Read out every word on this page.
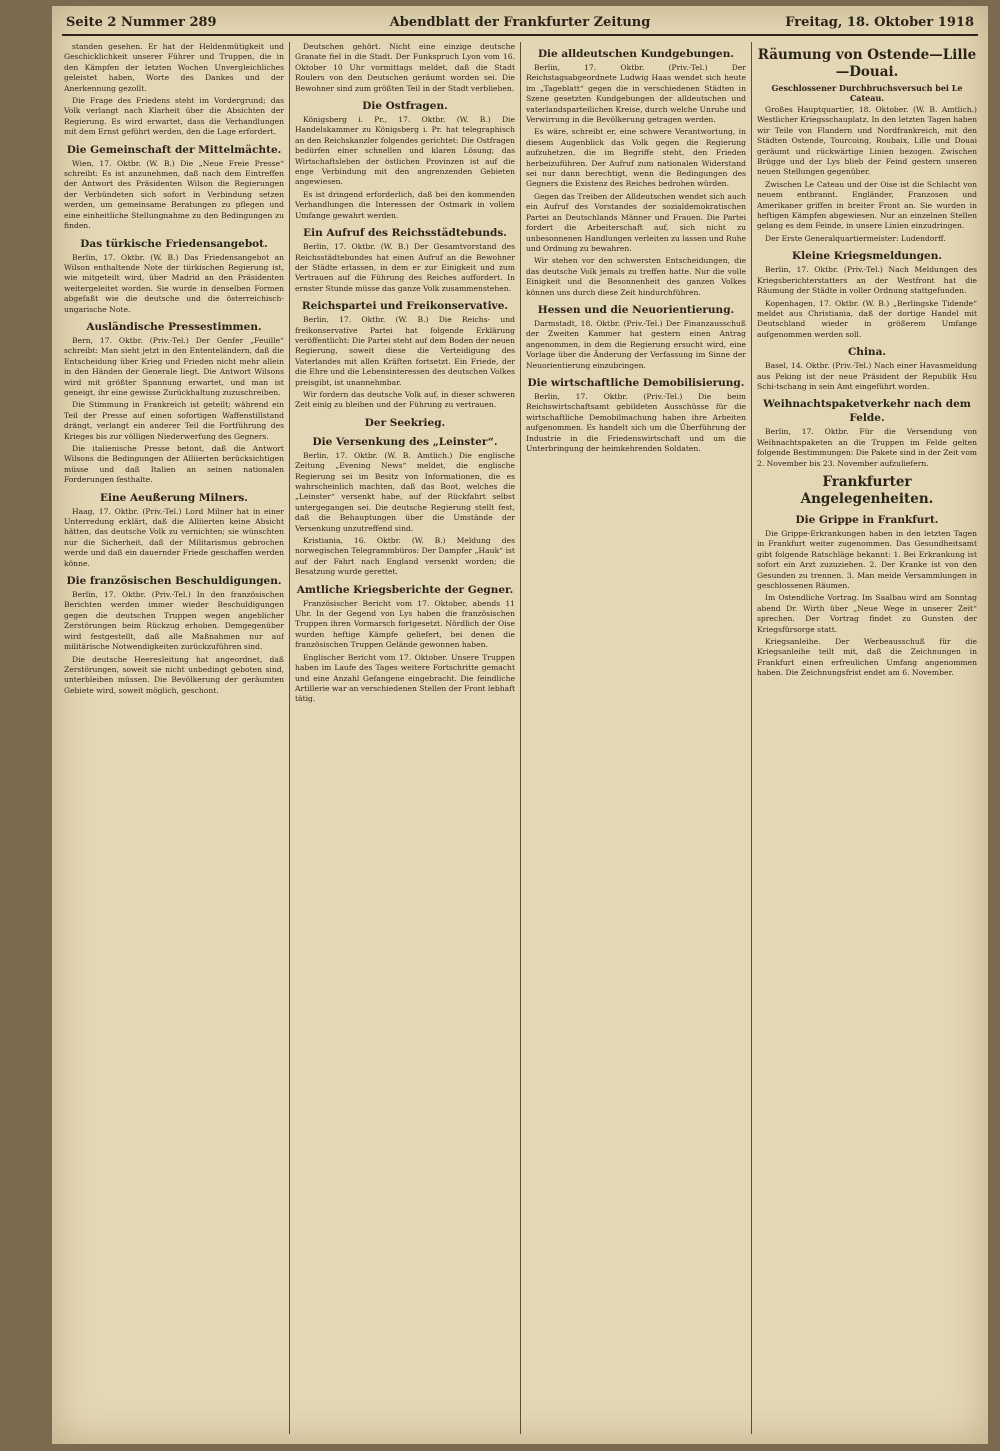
Seite 2 Nummer 289	Abendblatt der Frankfurter Zeitung	Freitag, 18. Oktober 1918

standen gesehen. Er hat der Heldenmütigkeit und Geschicklichkeit unserer Führer und Truppen, die in den Kämpfen der letzten Wochen Unvergleichliches geleistet haben, Worte des Dankes und der Anerkennung gezollt.

Die Frage des Friedens steht im Vordergrund; das Volk verlangt nach Klarheit über die Absichten der Regierung. Es wird erwartet, dass die Verhandlungen mit dem Ernst geführt werden, den die Lage erfordert.

Die Gemeinschaft der Mittelmächte.

Wien, 17. Oktbr. (W. B.) Die „Neue Freie Presse“ schreibt: Es ist anzunehmen, daß nach dem Eintreffen der Antwort des Präsidenten Wilson die Regierungen der Verbündeten sich sofort in Verbindung setzen werden, um gemeinsame Beratungen zu pflegen und eine einheitliche Stellungnahme zu den Bedingungen zu finden.

Das türkische Friedensangebot.

Berlin, 17. Oktbr. (W. B.) Das Friedensangebot an Wilson enthaltende Note der türkischen Regierung ist, wie mitgeteilt wird, über Madrid an den Präsidenten weitergeleitet worden. Sie wurde in denselben Formen abgefaßt wie die deutsche und die österreichisch-ungarische Note.

Ausländische Pressestimmen.

Bern, 17. Oktbr. (Priv.-Tel.) Der Genfer „Feuille“ schreibt: Man sieht jetzt in den Ententeländern, daß die Entscheidung über Krieg und Frieden nicht mehr allein in den Händen der Generale liegt. Die Antwort Wilsons wird mit größter Spannung erwartet, und man ist geneigt, ihr eine gewisse Zurückhaltung zuzuschreiben.

Die Stimmung in Frankreich ist geteilt; während ein Teil der Presse auf einen sofortigen Waffenstillstand drängt, verlangt ein anderer Teil die Fortführung des Krieges bis zur völligen Niederwerfung des Gegners.

Die italienische Presse betont, daß die Antwort Wilsons die Bedingungen der Alliierten berücksichtigen müsse und daß Italien an seinen nationalen Forderungen festhalte.

Eine Aeußerung Milners.

Haag, 17. Oktbr. (Priv.-Tel.) Lord Milner hat in einer Unterredung erklärt, daß die Alliierten keine Absicht hätten, das deutsche Volk zu vernichten; sie wünschten nur die Sicherheit, daß der Militarismus gebrochen werde und daß ein dauernder Friede geschaffen werden könne.

Die französischen Beschuldigungen.

Berlin, 17. Oktbr. (Priv.-Tel.) In den französischen Berichten werden immer wieder Beschuldigungen gegen die deutschen Truppen wegen angeblicher Zerstörungen beim Rückzug erhoben. Demgegenüber wird festgestellt, daß alle Maßnahmen nur auf militärische Notwendigkeiten zurückzuführen sind.

Die deutsche Heeresleitung hat angeordnet, daß Zerstörungen, soweit sie nicht unbedingt geboten sind, unterbleiben müssen. Die Bevölkerung der geräumten Gebiete wird, soweit möglich, geschont.

Deutschen gehört. Nicht eine einzige deutsche Granate fiel in die Stadt. Der Funkspruch Lyon vom 16. Oktober 10 Uhr vormittags meldet, daß die Stadt Roulers von den Deutschen geräumt worden sei. Die Bewohner sind zum größten Teil in der Stadt verblieben.

Die Ostfragen.

Königsberg i. Pr., 17. Oktbr. (W. B.) Die Handelskammer zu Königsberg i. Pr. hat telegraphisch an den Reichskanzler folgendes gerichtet: Die Ostfragen bedürfen einer schnellen und klaren Lösung; das Wirtschaftsleben der östlichen Provinzen ist auf die enge Verbindung mit den angrenzenden Gebieten angewiesen.

Es ist dringend erforderlich, daß bei den kommenden Verhandlungen die Interessen der Ostmark in vollem Umfange gewahrt werden.

Ein Aufruf des Reichsstädtebunds.

Berlin, 17. Oktbr. (W. B.) Der Gesamtvorstand des Reichsstädtebundes hat einen Aufruf an die Bewohner der Städte erlassen, in dem er zur Einigkeit und zum Vertrauen auf die Führung des Reiches auffordert. In ernster Stunde müsse das ganze Volk zusammenstehen.

Reichspartei und Freikonservative.

Berlin, 17. Oktbr. (W. B.) Die Reichs- und freikonservative Partei hat folgende Erklärung veröffentlicht: Die Partei steht auf dem Boden der neuen Regierung, soweit diese die Verteidigung des Vaterlandes mit allen Kräften fortsetzt. Ein Friede, der die Ehre und die Lebensinteressen des deutschen Volkes preisgibt, ist unannehmbar.

Wir fordern das deutsche Volk auf, in dieser schweren Zeit einig zu bleiben und der Führung zu vertrauen.

Der Seekrieg.
Die Versenkung des „Leinster“.

Berlin, 17. Oktbr. (W. B. Amtlich.) Die englische Zeitung „Evening News“ meldet, die englische Regierung sei im Besitz von Informationen, die es wahrscheinlich machten, daß das Boot, welches die „Leinster“ versenkt habe, auf der Rückfahrt selbst untergegangen sei. Die deutsche Regierung stellt fest, daß die Behauptungen über die Umstände der Versenkung unzutreffend sind.

Kristiania, 16. Oktbr. (W. B.) Meldung des norwegischen Telegrammbüros: Der Dampfer „Hauk“ ist auf der Fahrt nach England versenkt worden; die Besatzung wurde gerettet.

Amtliche Kriegsberichte der Gegner.

Französischer Bericht vom 17. Oktober, abends 11 Uhr. In der Gegend von Lys haben die französischen Truppen ihren Vormarsch fortgesetzt. Nördlich der Oise wurden heftige Kämpfe geliefert, bei denen die französischen Truppen Gelände gewonnen haben.

Englischer Bericht vom 17. Oktober. Unsere Truppen haben im Laufe des Tages weitere Fortschritte gemacht und eine Anzahl Gefangene eingebracht. Die feindliche Artillerie war an verschiedenen Stellen der Front lebhaft tätig.

Die alldeutschen Kundgebungen.

Berlin, 17. Oktbr. (Priv.-Tel.) Der Reichstagsabgeordnete Ludwig Haas wendet sich heute im „Tageblatt“ gegen die in verschiedenen Städten in Szene gesetzten Kundgebungen der alldeutschen und vaterlandsparteilichen Kreise, durch welche Unruhe und Verwirrung in die Bevölkerung getragen werden.

Es wäre, schreibt er, eine schwere Verantwortung, in diesem Augenblick das Volk gegen die Regierung aufzuhetzen, die im Begriffe steht, den Frieden herbeizuführen. Der Aufruf zum nationalen Widerstand sei nur dann berechtigt, wenn die Bedingungen des Gegners die Existenz des Reiches bedrohen würden.

Gegen das Treiben der Alldeutschen wendet sich auch ein Aufruf des Vorstandes der sozialdemokratischen Partei an Deutschlands Männer und Frauen. Die Partei fordert die Arbeiterschaft auf, sich nicht zu unbesonnenen Handlungen verleiten zu lassen und Ruhe und Ordnung zu bewahren.

Wir stehen vor den schwersten Entscheidungen, die das deutsche Volk jemals zu treffen hatte. Nur die volle Einigkeit und die Besonnenheit des ganzen Volkes können uns durch diese Zeit hindurchführen.

Hessen und die Neuorientierung.

Darmstadt, 18. Oktbr. (Priv.-Tel.) Der Finanzausschuß der Zweiten Kammer hat gestern einen Antrag angenommen, in dem die Regierung ersucht wird, eine Vorlage über die Änderung der Verfassung im Sinne der Neuorientierung einzubringen.

Die wirtschaftliche Demobilisierung.

Berlin, 17. Oktbr. (Priv.-Tel.) Die beim Reichswirtschaftsamt gebildeten Ausschüsse für die wirtschaftliche Demobilmachung haben ihre Arbeiten aufgenommen. Es handelt sich um die Überführung der Industrie in die Friedenswirtschaft und um die Unterbringung der heimkehrenden Soldaten.

Räumung von Ostende—Lille—Douai.
Geschlossener Durchbruchsversuch bei Le Cateau.

Großes Hauptquartier, 18. Oktober. (W. B. Amtlich.) Westlicher Kriegsschauplatz. In den letzten Tagen haben wir Teile von Flandern und Nordfrankreich, mit den Städten Ostende, Tourcoing, Roubaix, Lille und Douai geräumt und rückwärtige Linien bezogen. Zwischen Brügge und der Lys blieb der Feind gestern unseren neuen Stellungen gegenüber.

Zwischen Le Cateau und der Oise ist die Schlacht von neuem entbrannt. Engländer, Franzosen und Amerikaner griffen in breiter Front an. Sie wurden in heftigen Kämpfen abgewiesen. Nur an einzelnen Stellen gelang es dem Feinde, in unsere Linien einzudringen.

Der Erste Generalquartiermeister: Ludendorff.

Kleine Kriegsmeldungen.

Berlin, 17. Oktbr. (Priv.-Tel.) Nach Meldungen des Kriegsberichterstatters an der Westfront hat die Räumung der Städte in voller Ordnung stattgefunden.

Kopenhagen, 17. Oktbr. (W. B.) „Berlingske Tidende“ meldet aus Christiania, daß der dortige Handel mit Deutschland wieder in größerem Umfange aufgenommen werden soll.

China.

Basel, 14. Oktbr. (Priv.-Tel.) Nach einer Havasmeldung aus Peking ist der neue Präsident der Republik Hsu Schi-tschang in sein Amt eingeführt worden.

Weihnachtspaketverkehr nach dem Felde.

Berlin, 17. Oktbr. Für die Versendung von Weihnachtspaketen an die Truppen im Felde gelten folgende Bestimmungen: Die Pakete sind in der Zeit vom 2. November bis 23. November aufzuliefern.

Frankfurter Angelegenheiten.
Die Grippe in Frankfurt.

Die Grippe-Erkrankungen haben in den letzten Tagen in Frankfurt weiter zugenommen. Das Gesundheitsamt gibt folgende Ratschläge bekannt: 1. Bei Erkrankung ist sofort ein Arzt zuzuziehen. 2. Der Kranke ist von den Gesunden zu trennen. 3. Man meide Versammlungen in geschlossenen Räumen.

Im Ostendliche Vortrag. Im Saalbau wird am Sonntag abend Dr. Wirth über „Neue Wege in unserer Zeit“ sprechen. Der Vortrag findet zu Gunsten der Kriegsfürsorge statt.

Kriegsanleihe. Der Werbeausschuß für die Kriegsanleihe teilt mit, daß die Zeichnungen in Frankfurt einen erfreulichen Umfang angenommen haben. Die Zeichnungsfrist endet am 6. November.
